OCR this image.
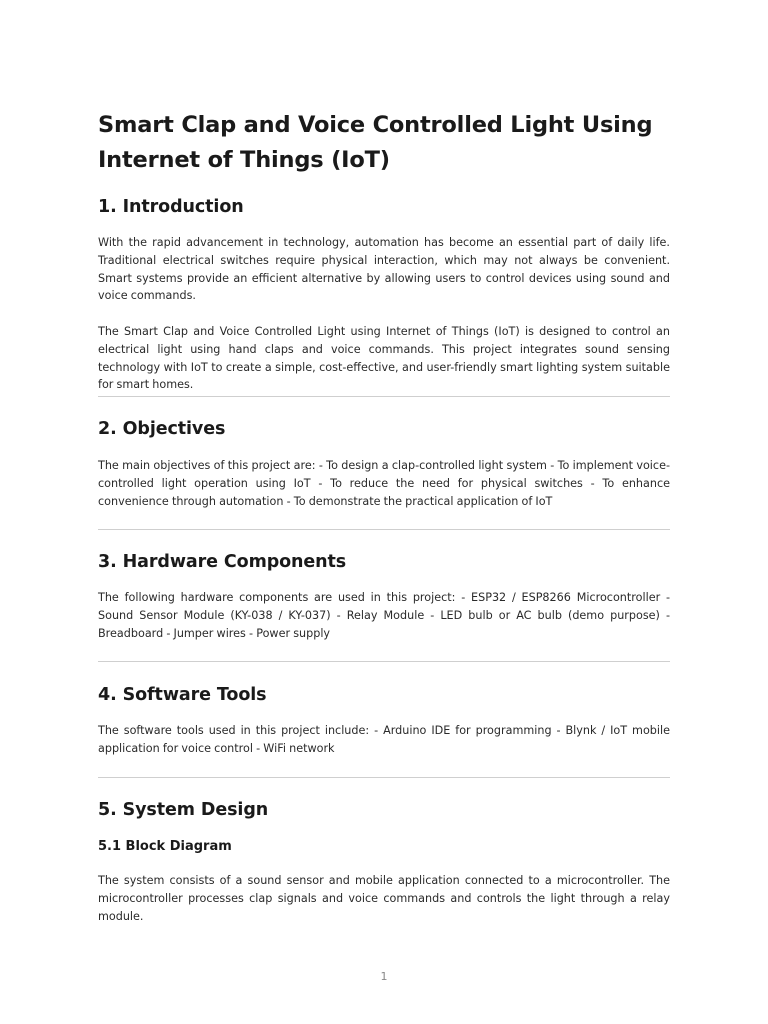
Smart Clap and Voice Controlled Light Using Internet of Things (IoT)
1. Introduction

With the rapid advancement in technology, automation has become an essential part of daily life. Traditional electrical switches require physical interaction, which may not always be convenient. Smart systems provide an efficient alternative by allowing users to control devices using sound and voice commands.

The Smart Clap and Voice Controlled Light using Internet of Things (IoT) is designed to control an electrical light using hand claps and voice commands. This project integrates sound sensing technology with IoT to create a simple, cost-effective, and user-friendly smart lighting system suitable for smart homes.

2. Objectives

The main objectives of this project are: - To design a clap-controlled light system - To implement voice-controlled light operation using IoT - To reduce the need for physical switches - To enhance convenience through automation - To demonstrate the practical application of IoT

3. Hardware Components

The following hardware components are used in this project: - ESP32 / ESP8266 Microcontroller - Sound Sensor Module (KY-038 / KY-037) - Relay Module - LED bulb or AC bulb (demo purpose) - Breadboard - Jumper wires - Power supply

4. Software Tools

The software tools used in this project include: - Arduino IDE for programming - Blynk / IoT mobile application for voice control - WiFi network

5. System Design
5.1 Block Diagram

The system consists of a sound sensor and mobile application connected to a microcontroller. The microcontroller processes clap signals and voice commands and controls the light through a relay module.

1
